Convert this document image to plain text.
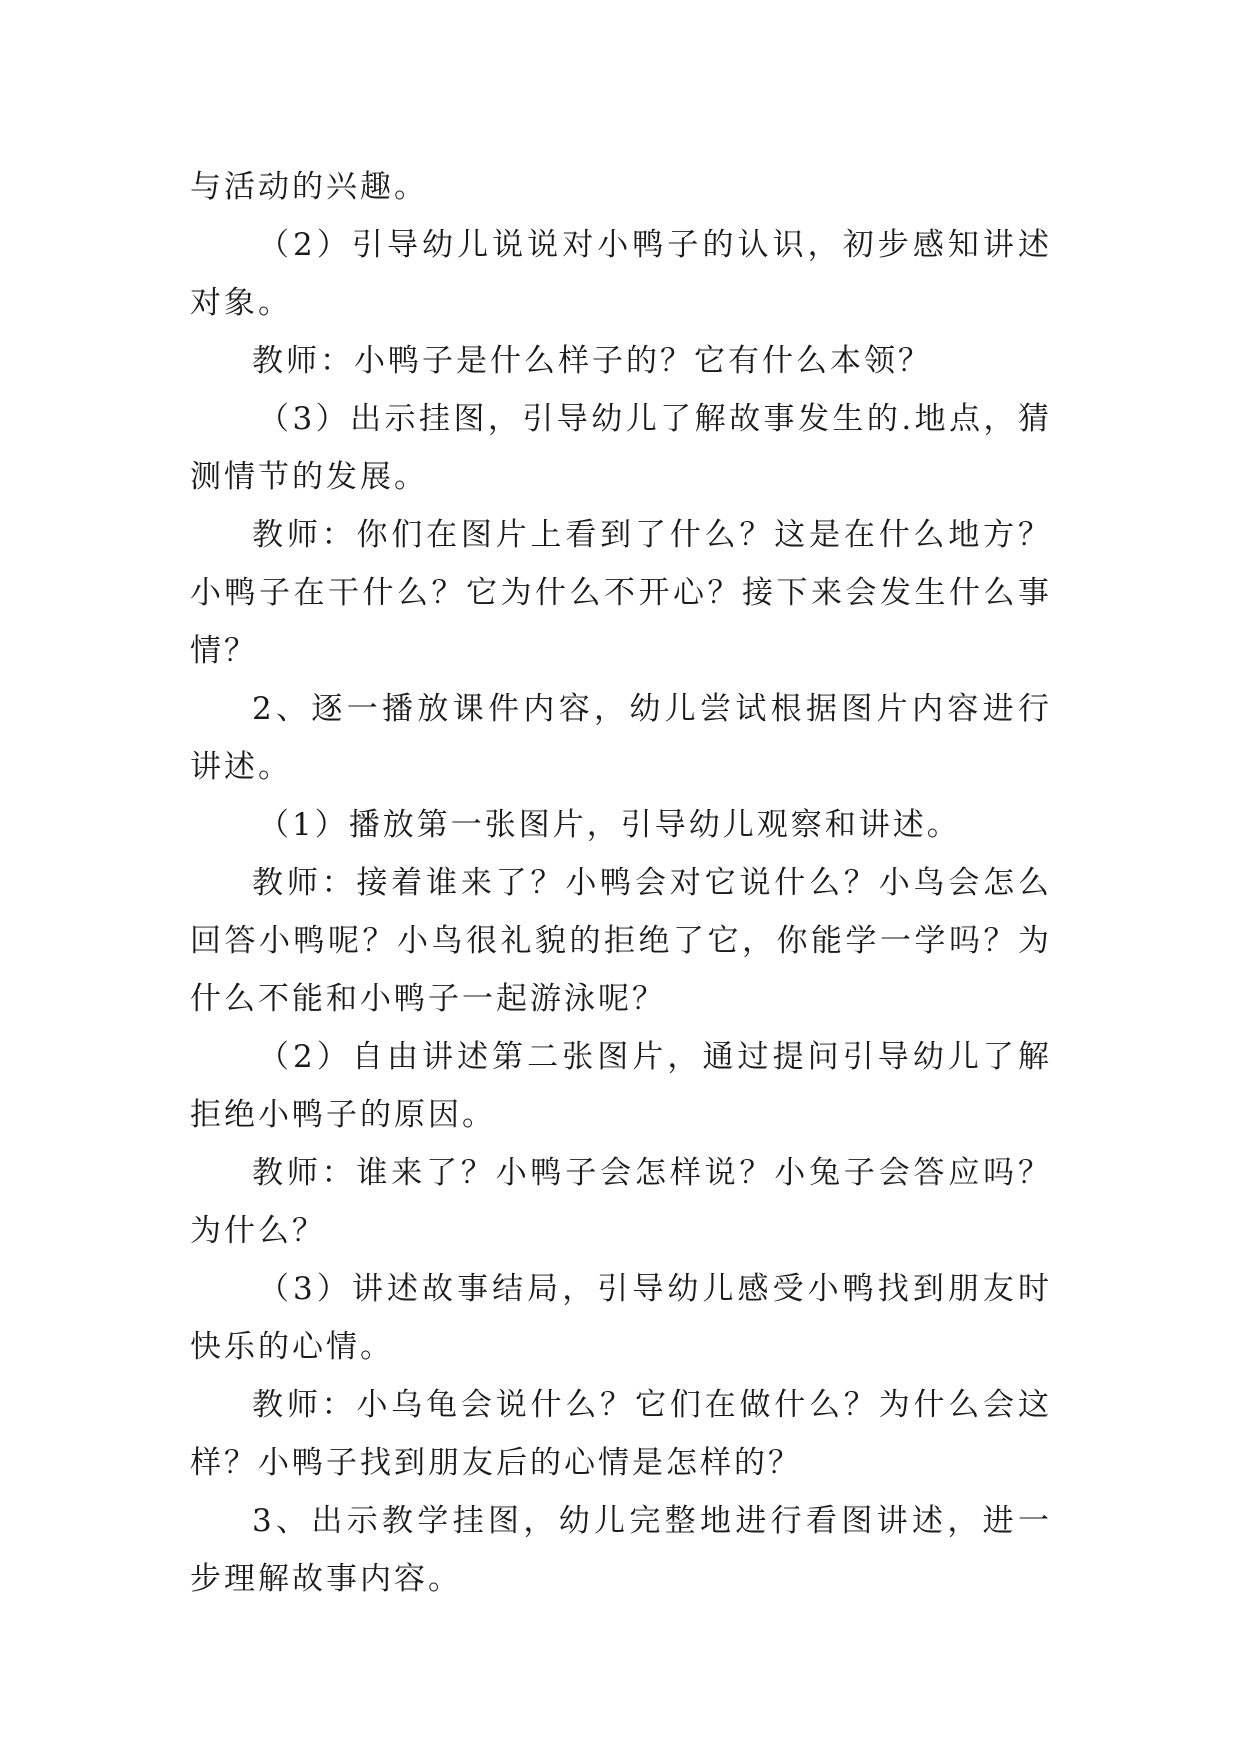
与活动的兴趣。

（2）引导幼儿说说对小鸭子的认识，初步感知讲述对象。

教师：小鸭子是什么样子的？它有什么本领？

（3）出示挂图，引导幼儿了解故事发生的.地点，猜测情节的发展。

教师：你们在图片上看到了什么？这是在什么地方？小鸭子在干什么？它为什么不开心？接下来会发生什么事情？

2、逐一播放课件内容，幼儿尝试根据图片内容进行讲述。

（1）播放第一张图片，引导幼儿观察和讲述。

教师：接着谁来了？小鸭会对它说什么？小鸟会怎么回答小鸭呢？小鸟很礼貌的拒绝了它，你能学一学吗？为什么不能和小鸭子一起游泳呢？

（2）自由讲述第二张图片，通过提问引导幼儿了解拒绝小鸭子的原因。

教师：谁来了？小鸭子会怎样说？小兔子会答应吗？为什么？

（3）讲述故事结局，引导幼儿感受小鸭找到朋友时快乐的心情。

教师：小乌龟会说什么？它们在做什么？为什么会这样？小鸭子找到朋友后的心情是怎样的？

3、出示教学挂图，幼儿完整地进行看图讲述，进一步理解故事内容。
